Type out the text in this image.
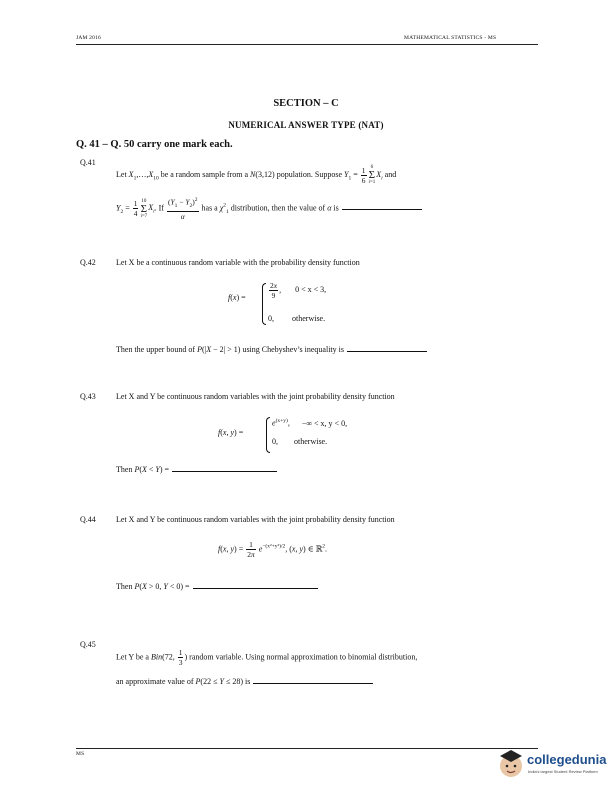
JAM 2016	MATHEMATICAL STATISTICS - MS
SECTION – C
NUMERICAL ANSWER TYPE (NAT)
Q. 41 – Q. 50 carry one mark each.
Q.41
Let $X_1,\dots,X_{10}$ be a random sample from a N(3,12) population. Suppose $Y_1 = \frac{1}{6} 6$
Σ
$i=1X_i$ and
$Y_2 = \frac{1}{4} 10$
Σ
$i=7X_i$. If $\frac{(Y_1 - Y_2)^2}{\alpha}$ has a $\chi^2_1$ distribution, then the value of α is
Q.42	Let X be a continuous random variable with the probability density function
f(x) =	$\frac{2x}{9}$ , 0 < x < 3,
0, otherwise.
Then the upper bound of P(|X − 2| > 1) using Chebyshev’s inequality is
Q.43	Let X and Y be continuous random variables with the joint probability density function
f(x, y) =
$e^{(x+y)}$, −∞ < x, y < 0,
0, otherwise.
Then P(X < Y) =
Q.44	Let X and Y be continuous random variables with the joint probability density function
f(x, $y) = \frac{1}{2\pi} e^{-(x^2+y^2)/2}$, (x, y) ∈ ℝ$^2$.
Then P(X > 0, Y < 0) =
Q.45
Let Y be a Bin(72, $\frac{1}{3}$ ) random variable. Using normal approximation to binomial distribution,
an approximate value of P(22 ≤ Y ≤ 28) is
MS	collegedunia
India's largest Student Review Platform
